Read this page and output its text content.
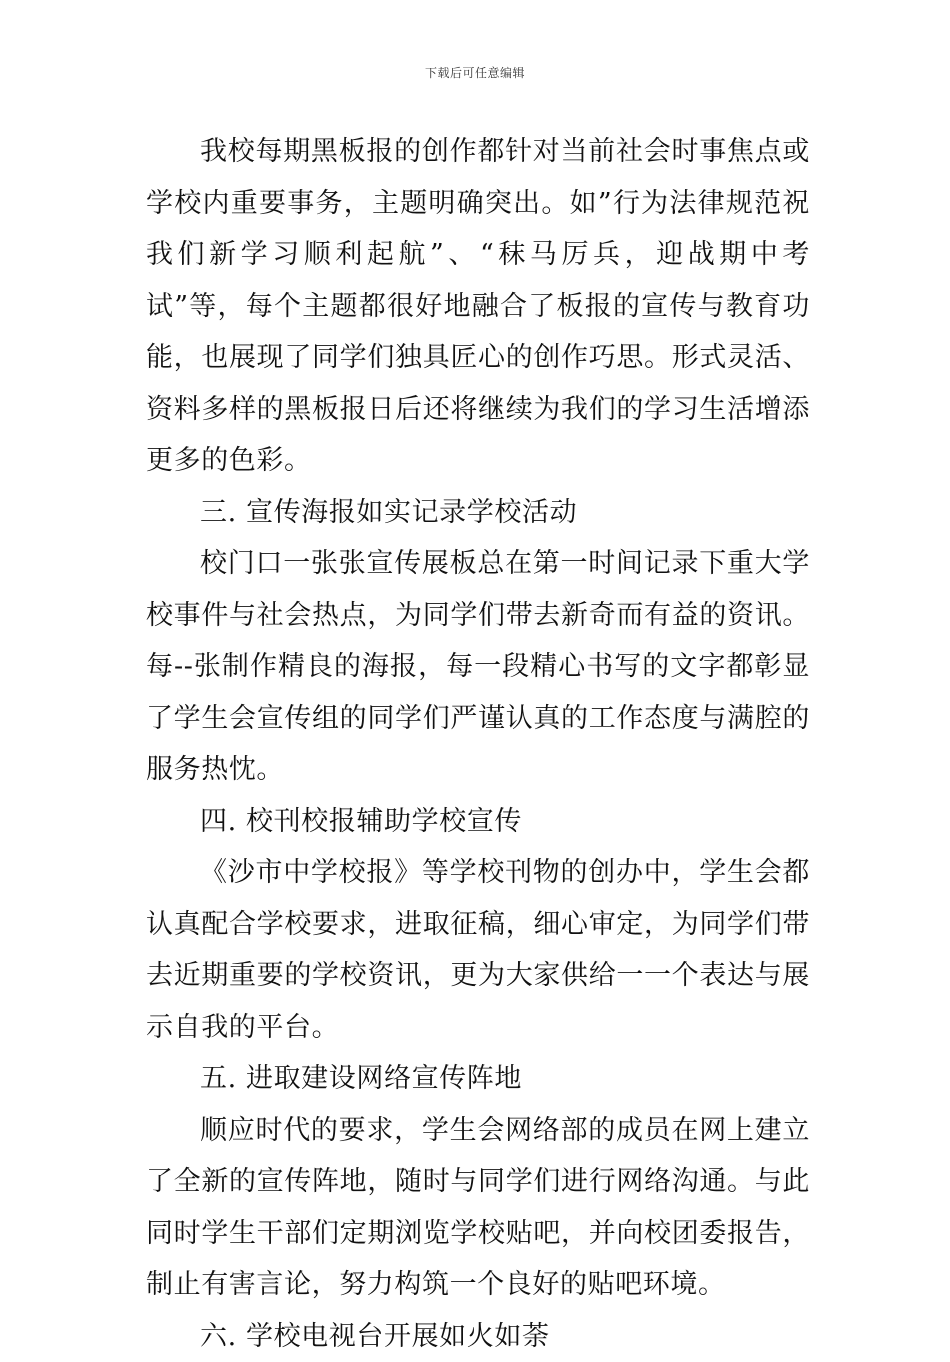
下载后可任意编辑

我校每期黑板报的创作都针对当前社会时事焦点或学校内重要事务，主题明确突出。如”行为法律规范祝我们新学习顺利起航”、“秣马厉兵，迎战期中考试”等，每个主题都很好地融合了板报的宣传与教育功能，也展现了同学们独具匠心的创作巧思。形式灵活、资料多样的黑板报日后还将继续为我们的学习生活增添更多的色彩。

三. 宣传海报如实记录学校活动

校门口一张张宣传展板总在第一时间记录下重大学校事件与社会热点，为同学们带去新奇而有益的资讯。每--张制作精良的海报，每一段精心书写的文字都彰显了学生会宣传组的同学们严谨认真的工作态度与满腔的服务热忱。

四. 校刊校报辅助学校宣传

《沙市中学校报》等学校刊物的创办中，学生会都认真配合学校要求，进取征稿，细心审定，为同学们带去近期重要的学校资讯，更为大家供给一一个表达与展示自我的平台。

五. 进取建设网络宣传阵地

顺应时代的要求，学生会网络部的成员在网上建立了全新的宣传阵地，随时与同学们进行网络沟通。与此同时学生干部们定期浏览学校贴吧，并向校团委报告，制止有害言论，努力构筑一个良好的贴吧环境。

六. 学校电视台开展如火如荼
